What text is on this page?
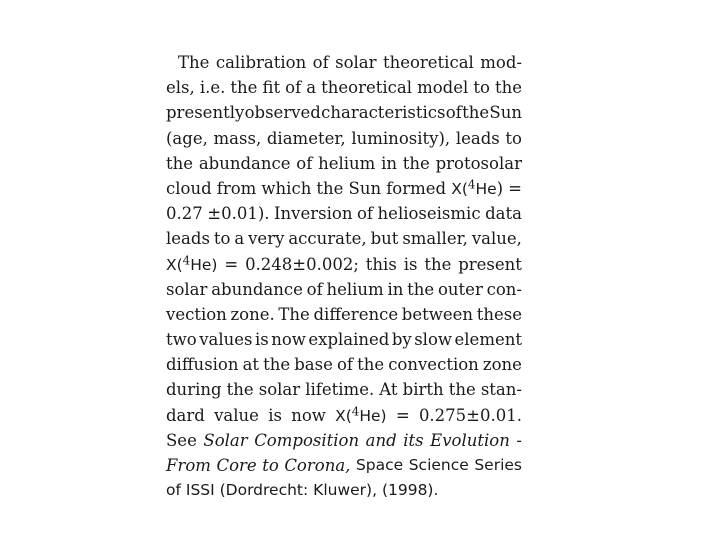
The calibration of solar theoretical mod-
els, i.e. the fit of a theoretical model to the
presently observed characteristics of the Sun
(age, mass, diameter, luminosity), leads to
the abundance of helium in the protosolar
cloud from which the Sun formed X($^4$He) =
0.27 ±0.01). Inversion of helioseismic data
leads to a very accurate, but smaller, value,
X($^4$He) = 0.248±0.002; this is the present
solar abundance of helium in the outer con-
vection zone. The difference between these
two values is now explained by slow element
diffusion at the base of the convection zone
during the solar lifetime. At birth the stan-
dard value is now X($^4$He) = 0.275±0.01.
See Solar Composition and its Evolution -
From Core to Corona, Space Science Series
of ISSI (Dordrecht: Kluwer), (1998).
